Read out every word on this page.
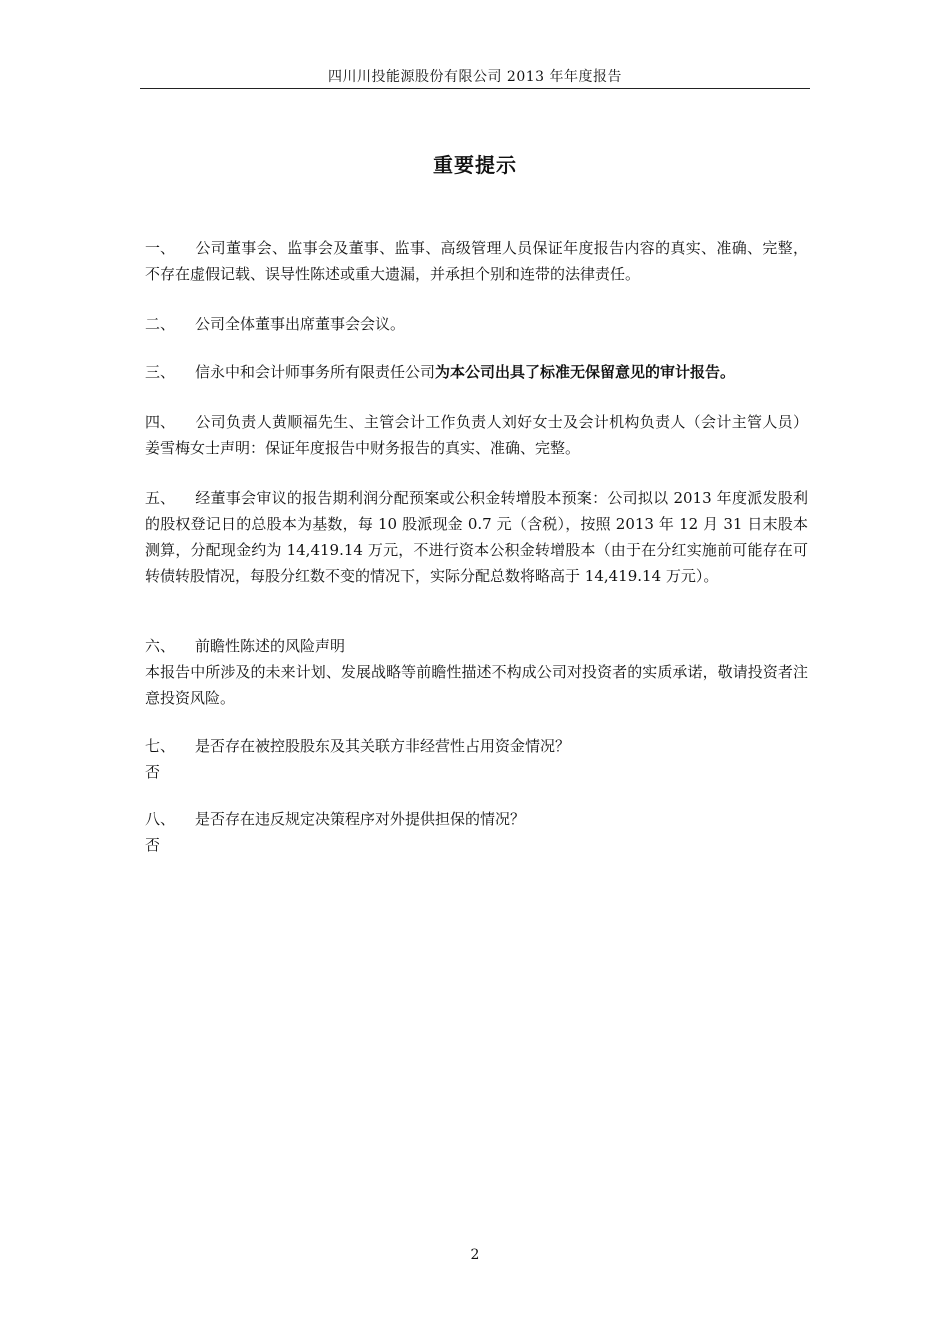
四川川投能源股份有限公司 2013 年年度报告
重要提示
一、 公司董事会、监事会及董事、监事、高级管理人员保证年度报告内容的真实、准确、完整，不存在虚假记载、误导性陈述或重大遗漏，并承担个别和连带的法律责任。
二、 公司全体董事出席董事会会议。
三、 信永中和会计师事务所有限责任公司为本公司出具了标准无保留意见的审计报告。
四、 公司负责人黄顺福先生、主管会计工作负责人刘好女士及会计机构负责人（会计主管人员）姜雪梅女士声明：保证年度报告中财务报告的真实、准确、完整。
五、 经董事会审议的报告期利润分配预案或公积金转增股本预案：公司拟以 2013 年度派发股利的股权登记日的总股本为基数，每 10 股派现金 0.7 元（含税），按照 2013 年 12 月 31 日末股本测算，分配现金约为 14,419.14 万元，不进行资本公积金转增股本（由于在分红实施前可能存在可转债转股情况，每股分红数不变的情况下，实际分配总数将略高于 14,419.14 万元）。
六、 前瞻性陈述的风险声明
本报告中所涉及的未来计划、发展战略等前瞻性描述不构成公司对投资者的实质承诺，敬请投资者注意投资风险。
七、 是否存在被控股股东及其关联方非经营性占用资金情况？
否
八、 是否存在违反规定决策程序对外提供担保的情况？
否
2
